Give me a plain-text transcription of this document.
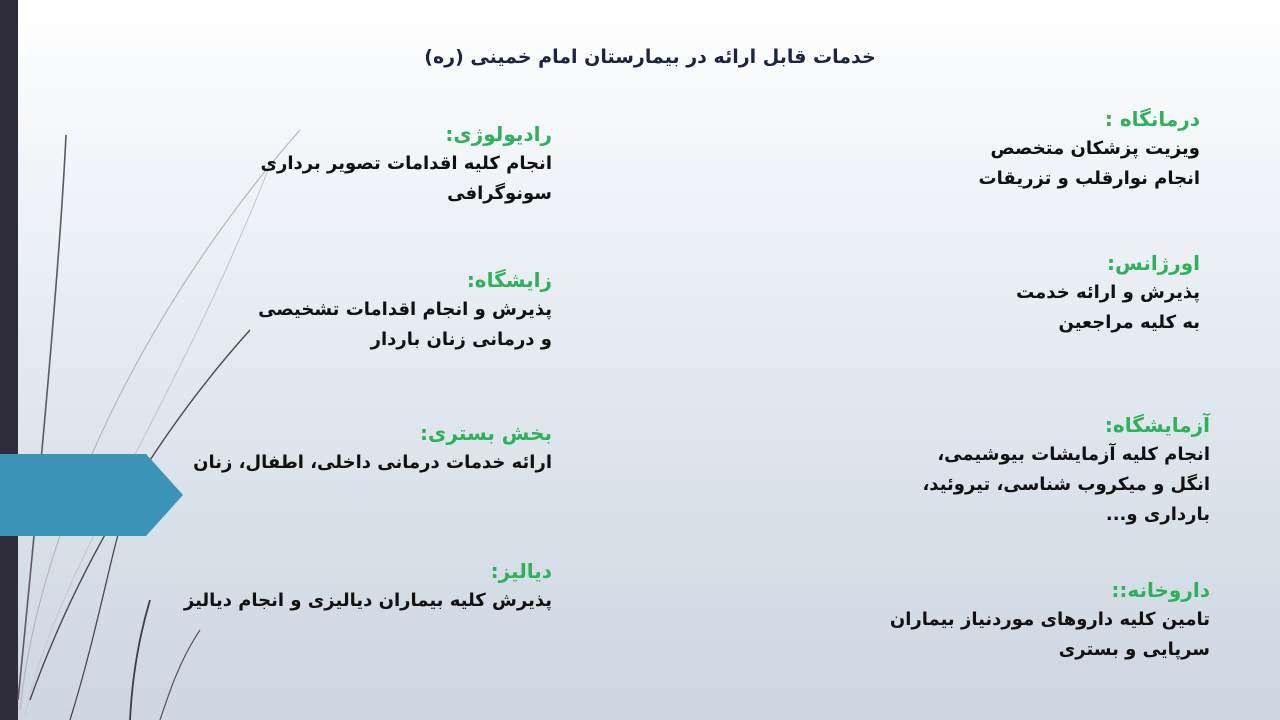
خدمات قابل ارائه در بیمارستان امام خمینی (ره)
درمانگاه :
ویزیت پزشکان متخصص
انجام نوارقلب و تزریقات
اورژانس:
پذیرش و ارائه خدمت
به کلیه مراجعین
آزمایشگاه:
انجام کلیه آزمایشات بیوشیمی،
انگل و میکروب شناسی، تیروئید،
بارداری و...
داروخانه::
تامین کلیه داروهای موردنیاز بیماران
سرپایی و بستری
رادیولوژی:
انجام کلیه اقدامات تصویر برداری
سونوگرافی
زایشگاه:
پذیرش و انجام اقدامات تشخیصی
و درمانی زنان باردار
بخش بستری:
ارائه خدمات درمانی داخلی، اطفال، زنان
دیالیز:
پذیرش کلیه بیماران دیالیزی و انجام دیالیز
